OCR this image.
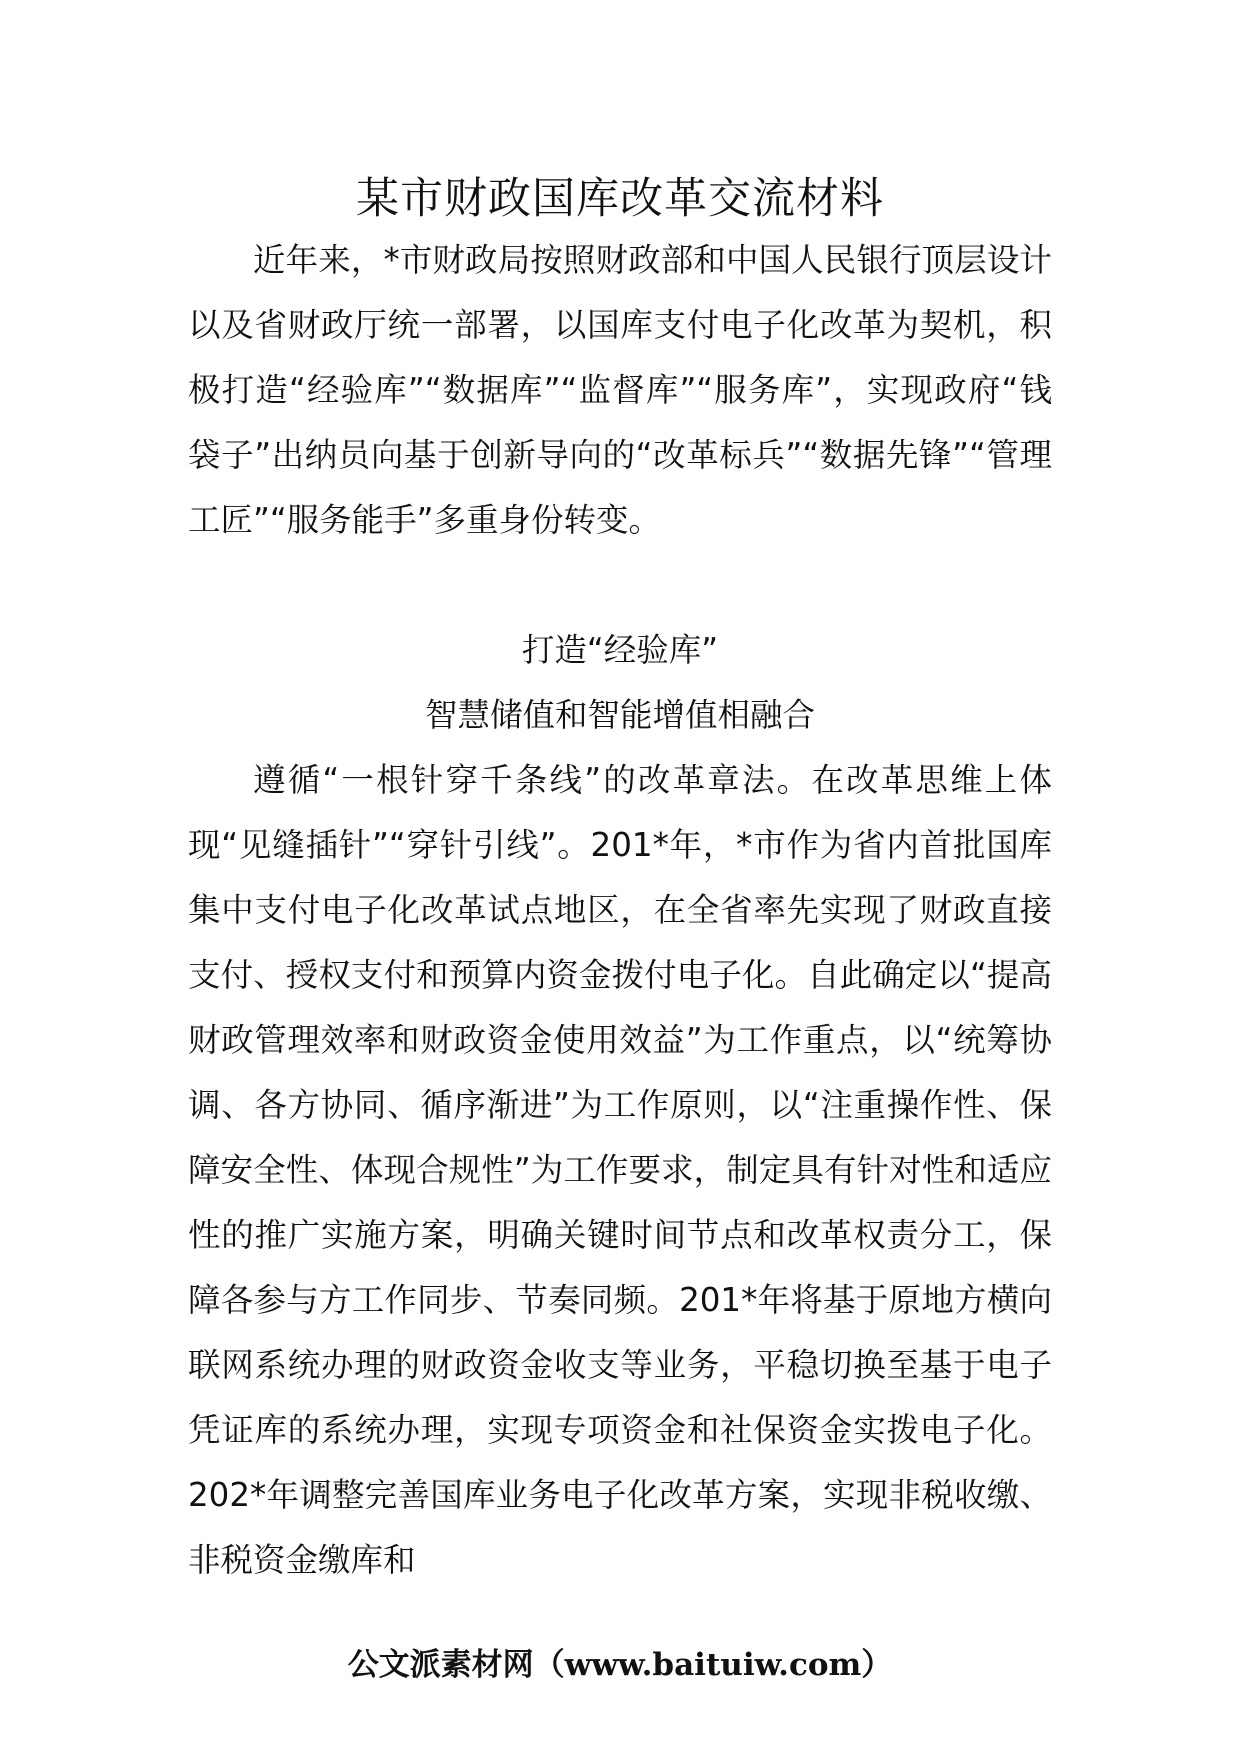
某市财政国库改革交流材料

近年来，*市财政局按照财政部和中国人民银行顶层设计以及省财政厅统一部署，以国库支付电子化改革为契机，积极打造“经验库”“数据库”“监督库”“服务库”，实现政府“钱袋子”出纳员向基于创新导向的“改革标兵”“数据先锋”“管理工匠”“服务能手”多重身份转变。

打造“经验库”
智慧储值和智能增值相融合

遵循“一根针穿千条线”的改革章法。在改革思维上体现“见缝插针”“穿针引线”。201*年，*市作为省内首批国库集中支付电子化改革试点地区，在全省率先实现了财政直接支付、授权支付和预算内资金拨付电子化。自此确定以“提高财政管理效率和财政资金使用效益”为工作重点，以“统筹协调、各方协同、循序渐进”为工作原则，以“注重操作性、保障安全性、体现合规性”为工作要求，制定具有针对性和适应性的推广实施方案，明确关键时间节点和改革权责分工，保障各参与方工作同步、节奏同频。201*年将基于原地方横向联网系统办理的财政资金收支等业务，平稳切换至基于电子凭证库的系统办理，实现专项资金和社保资金实拨电子化。202*年调整完善国库业务电子化改革方案，实现非税收缴、非税资金缴库和

公文派素材网（www.baituiw.com）
